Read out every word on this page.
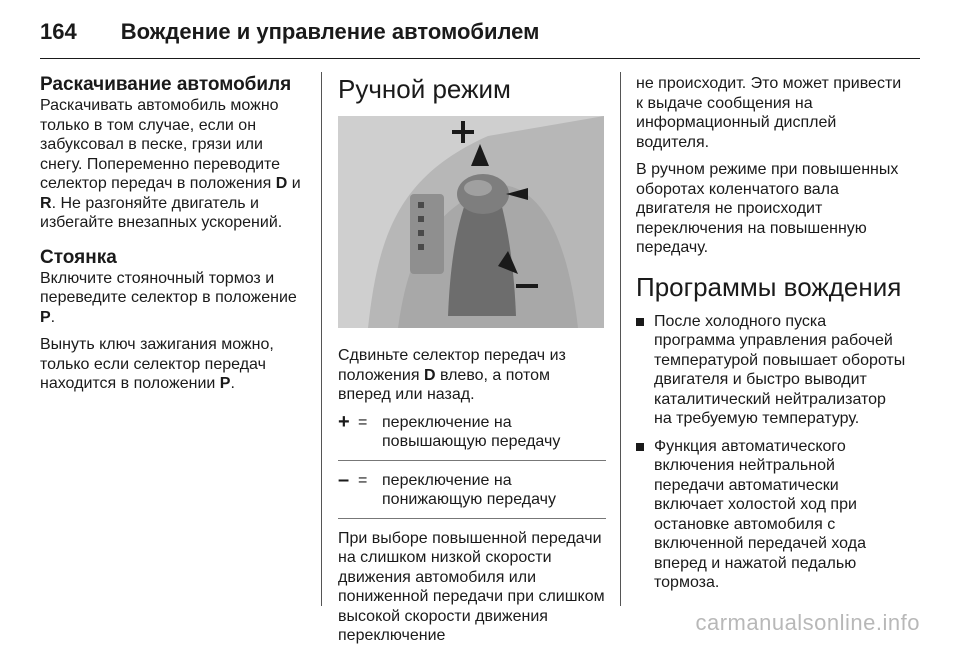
164 Вождение и управление автомобилем
Раскачивание автомобиля

Раскачивать автомобиль можно только в том случае, если он забуксовал в песке, грязи или снегу. Попеременно переводите селектор передач в положения D и R. Не разгоняйте двигатель и избегайте внезапных ускорений.

Стоянка

Включите стояночный тормоз и переведите селектор в положение P.

Вынуть ключ зажигания можно, только если селектор передач находится в положении P.

Ручной режим

Сдвиньте селектор передач из положения D влево, а потом вперед или назад.

+ = переключение на повышающую передачу
– = переключение на понижающую передачу

При выборе повышенной передачи на слишком низкой скорости движения автомобиля или пониженной передачи при слишком высокой скорости движения переключение

не происходит. Это может привести к выдаче сообщения на информационный дисплей водителя.

В ручном режиме при повышенных оборотах коленчатого вала двигателя не происходит переключения на повышенную передачу.

Программы вождения
После холодного пуска программа управления рабочей температурой повышает обороты двигателя и быстро выводит каталитический нейтрализатор на требуемую температуру.
Функция автоматического включения нейтральной передачи автоматически включает холостой ход при остановке автомобиля с включенной передачей хода вперед и нажатой педалью тормоза.
carmanualsonline.info
